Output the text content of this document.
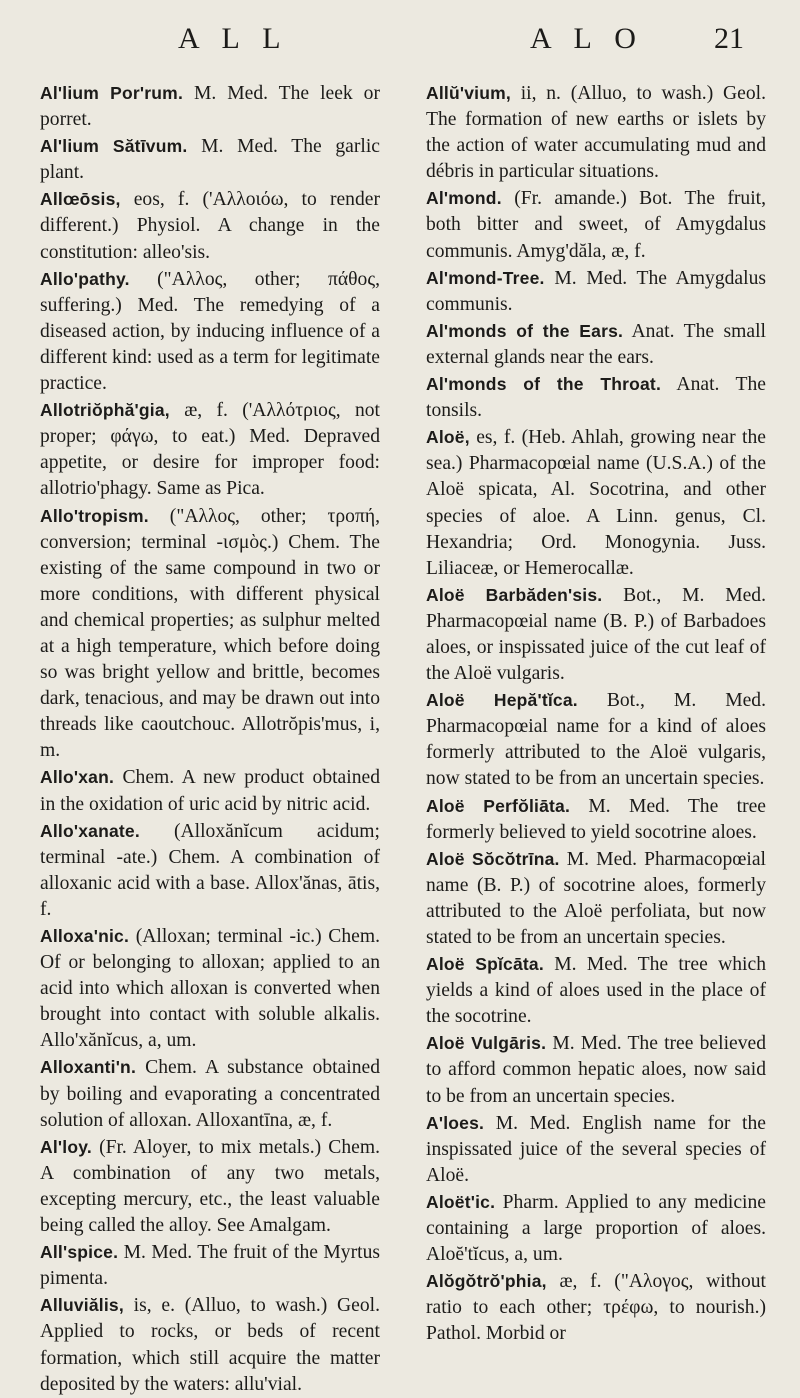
A L L	A L O 21

Al'lium Por'rum. M. Med. The leek or porret.

Al'lium Sătīvum. M. Med. The garlic plant.

Allœōsis, eos, f. ('Αλλοιόω, to render different.) Physiol. A change in the constitution: alleo'sis.

Allo'pathy. ("Αλλος, other; πάθος, suffering.) Med. The remedying of a diseased action, by inducing influence of a different kind: used as a term for legitimate practice.

Allotriŏphă'gia, æ, f. ('Αλλότριος, not proper; φάγω, to eat.) Med. Depraved appetite, or desire for improper food: allotrio'phagy. Same as Pica.

Allo'tropism. ("Αλλος, other; τροπή, conversion; terminal -ισμὸς.) Chem. The existing of the same compound in two or more conditions, with different physical and chemical properties; as sulphur melted at a high temperature, which before doing so was bright yellow and brittle, becomes dark, tenacious, and may be drawn out into threads like caoutchouc. Allotrŏpis'mus, i, m.

Allo'xan. Chem. A new product obtained in the oxidation of uric acid by nitric acid.

Allo'xanate. (Alloxănĭcum acidum; terminal -ate.) Chem. A combination of alloxanic acid with a base. Allox'ănas, ātis, f.

Alloxa'nic. (Alloxan; terminal -ic.) Chem. Of or belonging to alloxan; applied to an acid into which alloxan is converted when brought into contact with soluble alkalis. Allo'xănĭcus, a, um.

Alloxanti'n. Chem. A substance obtained by boiling and evaporating a concentrated solution of alloxan. Alloxantīna, æ, f.

Al'loy. (Fr. Aloyer, to mix metals.) Chem. A combination of any two metals, excepting mercury, etc., the least valuable being called the alloy. See Amalgam.

All'spice. M. Med. The fruit of the Myrtus pimenta.

Alluviălis, is, e. (Alluo, to wash.) Geol. Applied to rocks, or beds of recent formation, which still acquire the matter deposited by the waters: allu'vial.

Allŭ'vium, ii, n. (Alluo, to wash.) Geol. The formation of new earths or islets by the action of water accumulating mud and débris in particular situations.

Al'mond. (Fr. amande.) Bot. The fruit, both bitter and sweet, of Amygdalus communis. Amyg'dăla, æ, f.

Al'mond-Tree. M. Med. The Amygdalus communis.

Al'monds of the Ears. Anat. The small external glands near the ears.

Al'monds of the Throat. Anat. The tonsils.

Aloë, es, f. (Heb. Ahlah, growing near the sea.) Pharmacopœial name (U.S.A.) of the Aloë spicata, Al. Socotrina, and other species of aloe. A Linn. genus, Cl. Hexandria; Ord. Monogynia. Juss. Liliaceæ, or Hemerocallæ.

Aloë Barbăden'sis. Bot., M. Med. Pharmacopœial name (B. P.) of Barbadoes aloes, or inspissated juice of the cut leaf of the Aloë vulgaris.

Aloë Hepă'tĭca. Bot., M. Med. Pharmacopœial name for a kind of aloes formerly attributed to the Aloë vulgaris, now stated to be from an uncertain species.

Aloë Perfŏliāta. M. Med. The tree formerly believed to yield socotrine aloes.

Aloë Sŏcŏtrīna. M. Med. Pharmacopœial name (B. P.) of socotrine aloes, formerly attributed to the Aloë perfoliata, but now stated to be from an uncertain species.

Aloë Spĭcāta. M. Med. The tree which yields a kind of aloes used in the place of the socotrine.

Aloë Vulgāris. M. Med. The tree believed to afford common hepatic aloes, now said to be from an uncertain species.

A'loes. M. Med. English name for the inspissated juice of the several species of Aloë.

Aloët'ic. Pharm. Applied to any medicine containing a large proportion of aloes. Aloĕ'tĭcus, a, um.

Alŏgŏtrŏ'phia, æ, f. ("Αλογος, without ratio to each other; τρέφω, to nourish.) Pathol. Morbid or
